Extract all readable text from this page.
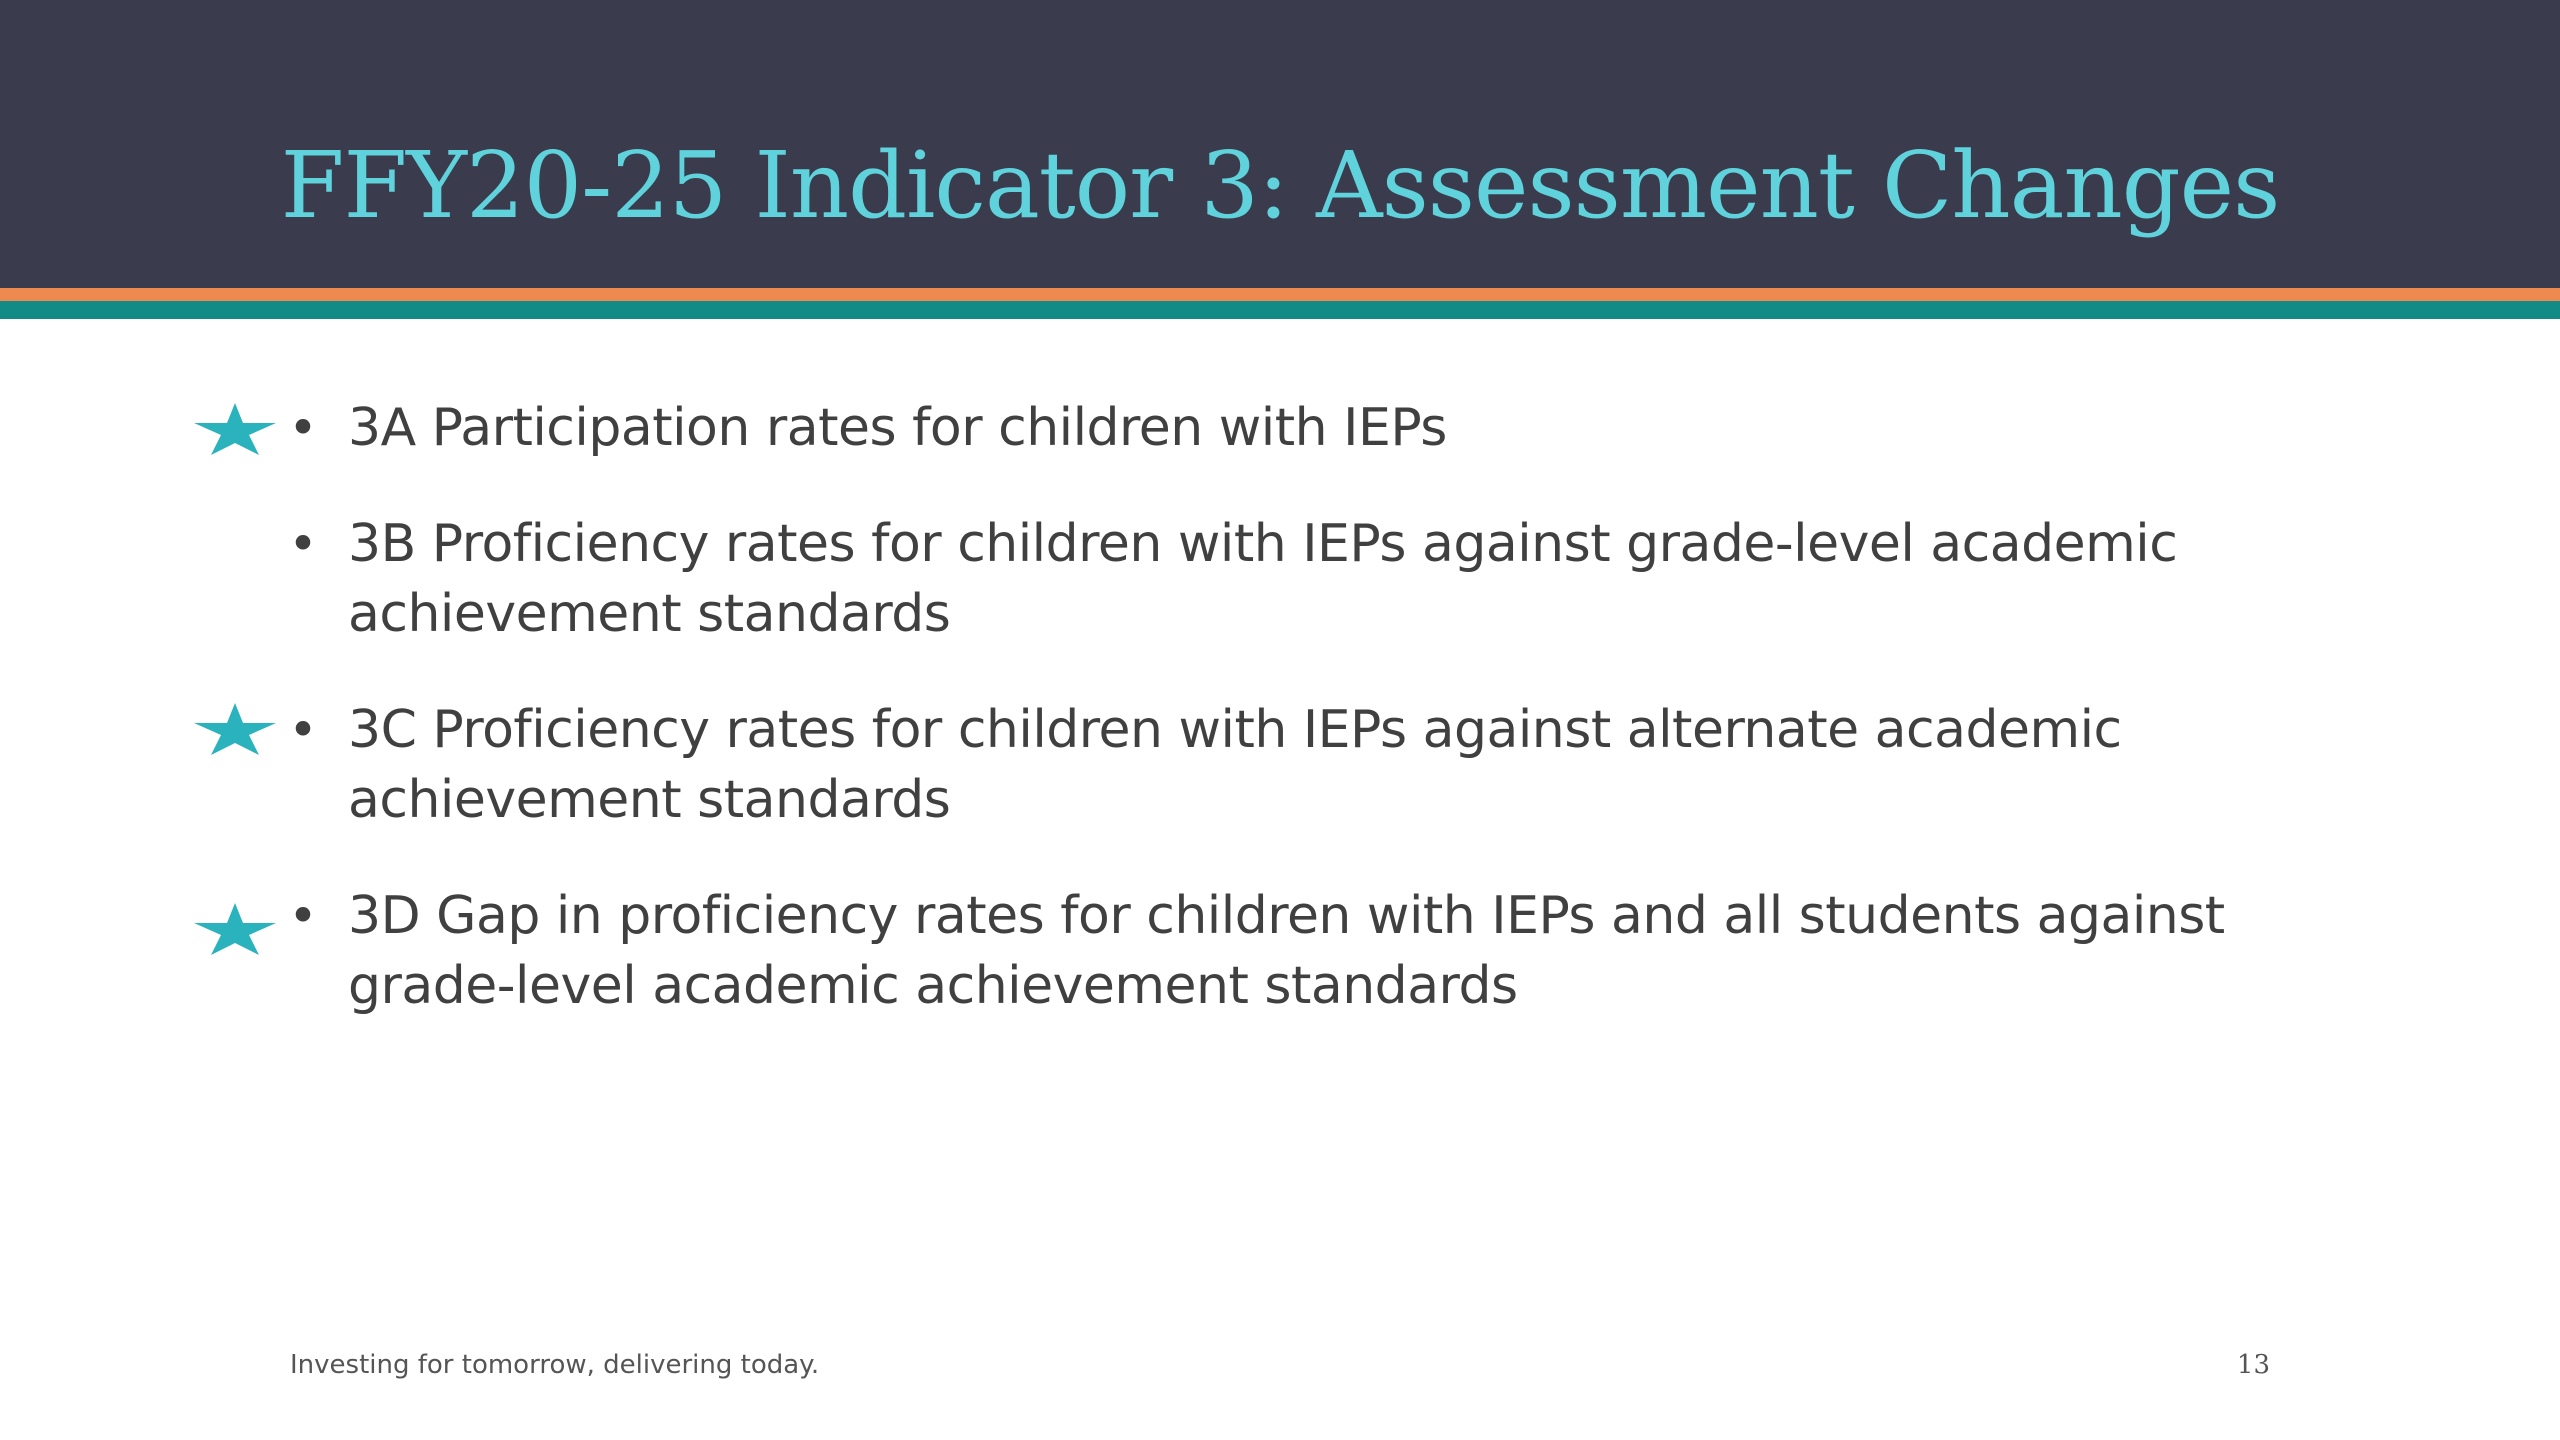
FFY20-25 Indicator 3: Assessment Changes
• 3A Participation rates for children with IEPs
• 3B Proficiency rates for children with IEPs against grade-level academic achievement standards
• 3C Proficiency rates for children with IEPs against alternate academic achievement standards
• 3D Gap in proficiency rates for children with IEPs and all students against grade-level academic achievement standards
Investing for tomorrow, delivering today.	13
